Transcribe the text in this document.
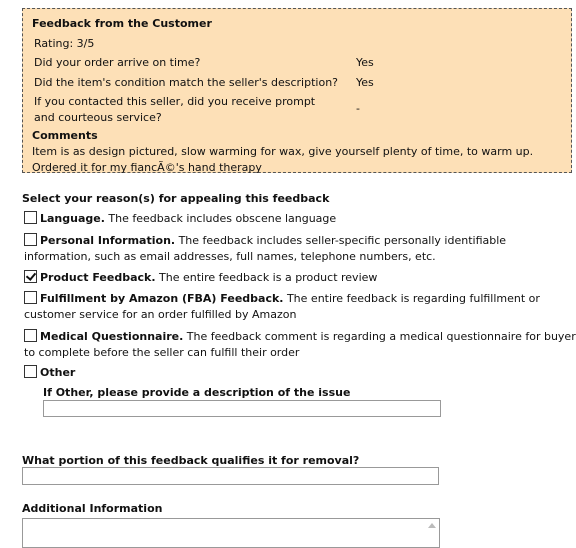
Feedback from the Customer
Rating: 3/5
Did your order arrive on time?	Yes
Did the item's condition match the seller's description? Yes
If you contacted this seller, did you receive prompt and courteous service?
-
Comments
Item is as design pictured, slow warming for wax, give yourself plenty of time, to warm up. Ordered it for my fiancÃ©'s hand therapy
Select your reason(s) for appealing this feedback
Language. The feedback includes obscene language
Personal Information. The feedback includes seller-specific personally identifiable information, such as email addresses, full names, telephone numbers, etc.
Product Feedback. The entire feedback is a product review
Fulfillment by Amazon (FBA) Feedback. The entire feedback is regarding fulfillment or customer service for an order fulfilled by Amazon
Medical Questionnaire. The feedback comment is regarding a medical questionnaire for buyer to complete before the seller can fulfill their order
Other
If Other, please provide a description of the issue
What portion of this feedback qualifies it for removal?
Additional Information
